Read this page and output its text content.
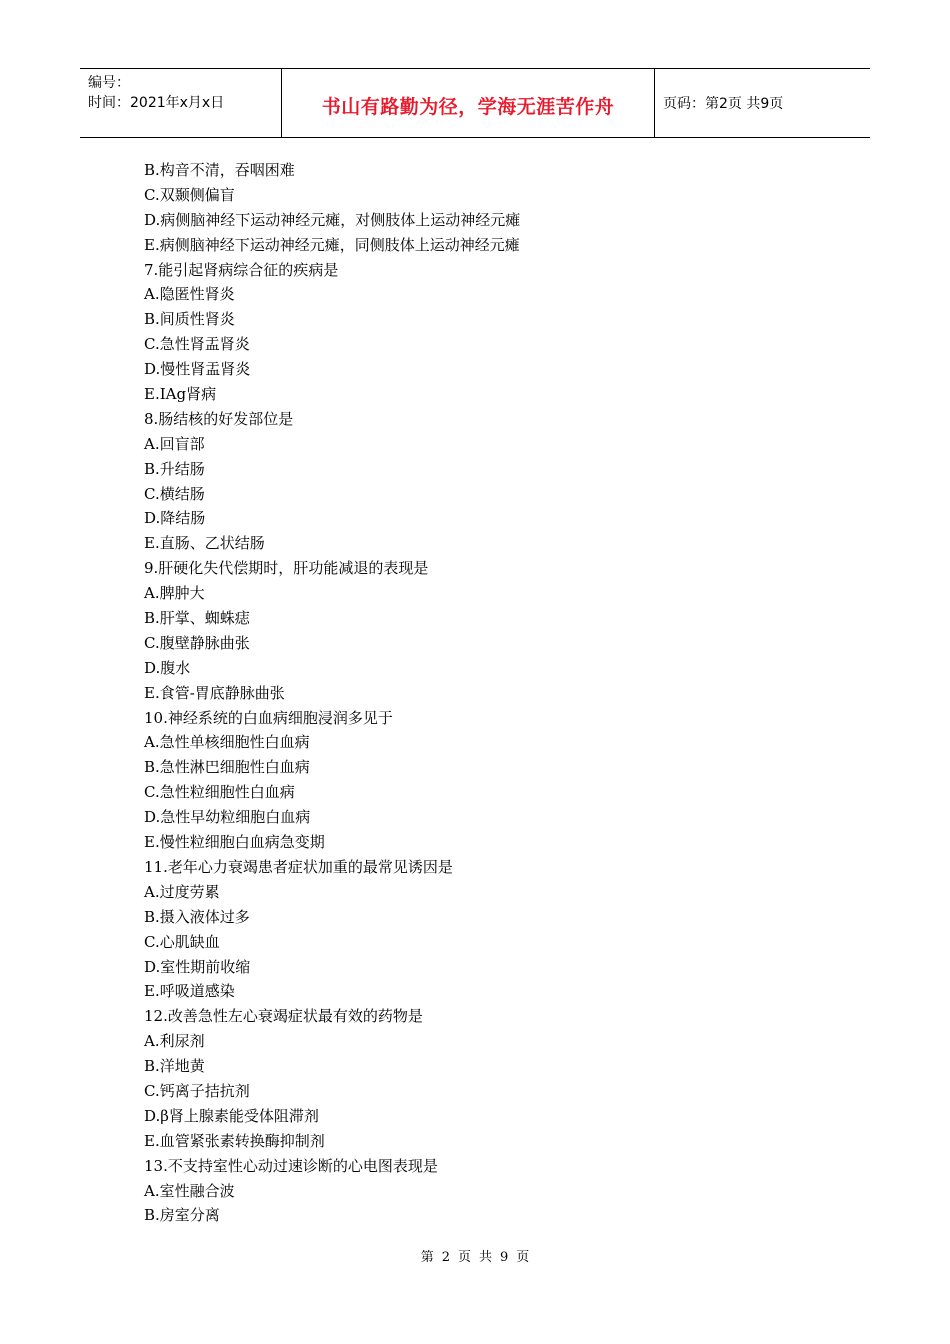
编号：
时间：2021年x月x日	书山有路勤为径，学海无涯苦作舟	页码：第2页 共9页
B.构音不清，吞咽困难
C.双颞侧偏盲
D.病侧脑神经下运动神经元瘫，对侧肢体上运动神经元瘫
E.病侧脑神经下运动神经元瘫，同侧肢体上运动神经元瘫
7.能引起肾病综合征的疾病是
A.隐匿性肾炎
B.间质性肾炎
C.急性肾盂肾炎
D.慢性肾盂肾炎
E.IAg肾病
8.肠结核的好发部位是
A.回盲部
B.升结肠
C.横结肠
D.降结肠
E.直肠、乙状结肠
9.肝硬化失代偿期时，肝功能减退的表现是
A.脾肿大
B.肝掌、蜘蛛痣
C.腹壁静脉曲张
D.腹水
E.食管-胃底静脉曲张
10.神经系统的白血病细胞浸润多见于
A.急性单核细胞性白血病
B.急性淋巴细胞性白血病
C.急性粒细胞性白血病
D.急性早幼粒细胞白血病
E.慢性粒细胞白血病急变期
11.老年心力衰竭患者症状加重的最常见诱因是
A.过度劳累
B.摄入液体过多
C.心肌缺血
D.室性期前收缩
E.呼吸道感染
12.改善急性左心衰竭症状最有效的药物是
A.利尿剂
B.洋地黄
C.钙离子拮抗剂
D.β肾上腺素能受体阻滞剂
E.血管紧张素转换酶抑制剂
13.不支持室性心动过速诊断的心电图表现是
A.室性融合波
B.房室分离
第 2 页 共 9 页
